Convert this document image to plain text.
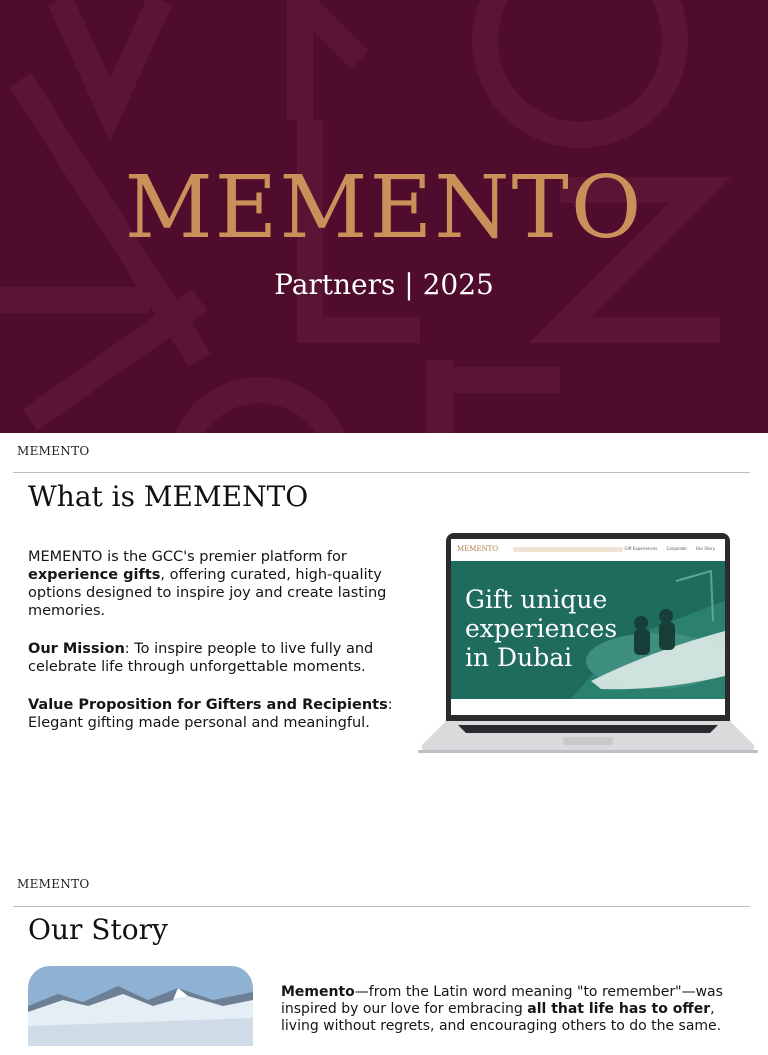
MEMENTO
Partners | 2025
MEMENTO
What is MEMENTO

MEMENTO is the GCC's premier platform for experience gifts, offering curated, high-quality options designed to inspire joy and create lasting memories.

Our Mission: To inspire people to live fully and celebrate life through unforgettable moments.

Value Proposition for Gifters and Recipients: Elegant gifting made personal and meaningful.

MEMENTO	Gift Experiences Corporate Our Story
Gift unique
experiences
in Dubai
MEMENTO
Our Story

Memento—from the Latin word meaning "to remember"—was inspired by our love for embracing all that life has to offer, living without regrets, and encouraging others to do the same.
